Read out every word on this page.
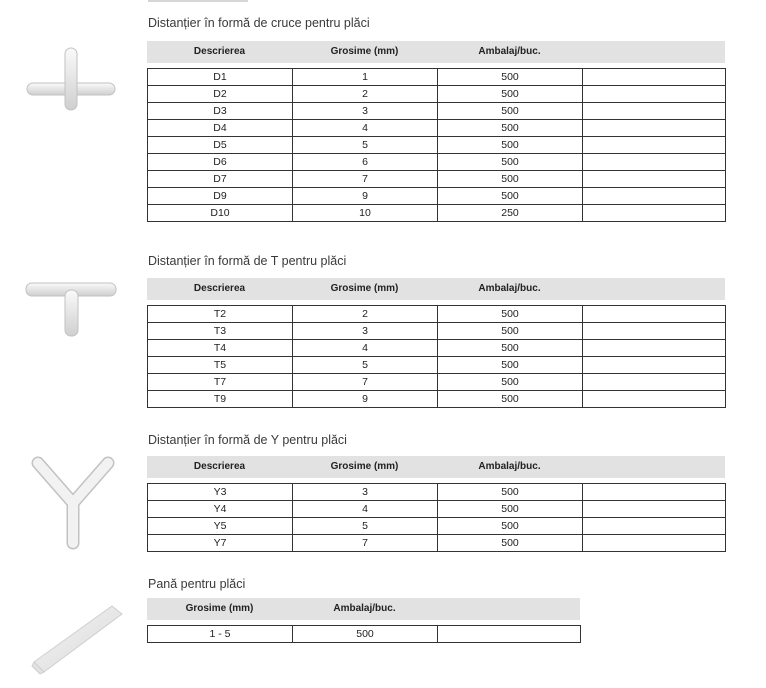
Distanțier în formă de cruce pentru plăci
Descrierea	Grosime (mm)	Ambalaj/buc.
D1	1	500	
D2	2	500	
D3	3	500	
D4	4	500	
D5	5	500	
D6	6	500	
D7	7	500	
D9	9	500	
D10	10	250	
Distanțier în formă de T pentru plăci
Descrierea	Grosime (mm)	Ambalaj/buc.
T2	2	500	
T3	3	500	
T4	4	500	
T5	5	500	
T7	7	500	
T9	9	500	
Distanțier în formă de Y pentru plăci
Descrierea	Grosime (mm)	Ambalaj/buc.
Y3	3	500	
Y4	4	500	
Y5	5	500	
Y7	7	500	
Pană pentru plăci
Grosime (mm)	Ambalaj/buc.
1 - 5	500	
